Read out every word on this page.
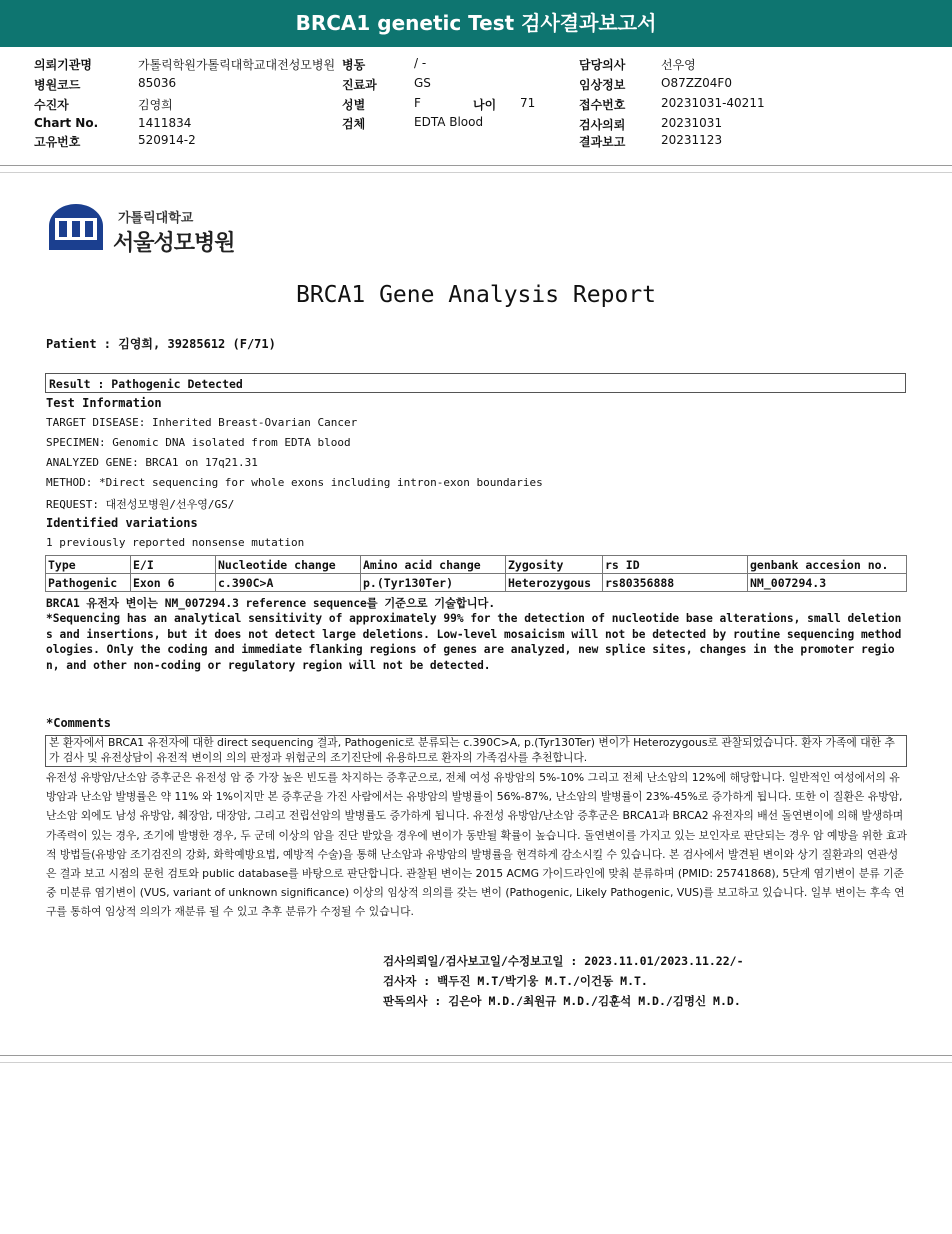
BRCA1 genetic Test 검사결과보고서
의뢰기관명	가톨릭학원가톨릭대학교대전성모병원 병동	/ -	담당의사	선우영
병원코드	85036	진료과	GS	임상정보	O87ZZ04F0
수진자	김영희	성별	F	나이 71	접수번호	20231031-40211
Chart No.	1411834	검체	EDTA Blood	검사의뢰	20231031
고유번호	520914-2	결과보고	20231123
가톨릭대학교
서울성모병원
BRCA1 Gene Analysis Report
Patient : 김영희, 39285612 (F/71)
Result : Pathogenic Detected
Test Information
TARGET DISEASE: Inherited Breast-Ovarian Cancer
SPECIMEN: Genomic DNA isolated from EDTA blood
ANALYZED GENE: BRCA1 on 17q21.31
METHOD: *Direct sequencing for whole exons including intron-exon boundaries
REQUEST: 대전성모병원/선우영/GS/
Identified variations
1 previously reported nonsense mutation
Type	E/I	Nucleotide change	Amino acid change	Zygosity	rs ID	genbank accesion no.
Pathogenic	Exon 6	c.390C>A	p.(Tyr130Ter)	Heterozygous	rs80356888	NM_007294.3
BRCA1 유전자 변이는 NM_007294.3 reference sequence를 기준으로 기술합니다.
*Sequencing has an analytical sensitivity of approximately 99% for the detection of nucleotide base alterations, small deletions and insertions, but it does not detect large deletions. Low-level mosaicism will not be detected by routine sequencing methodologies. Only the coding and immediate flanking regions of genes are analyzed, new splice sites, changes in the promoter region, and other non-coding or regulatory region will not be detected.
*Comments
본 환자에서 BRCA1 유전자에 대한 direct sequencing 결과, Pathogenic로 분류되는 c.390C>A, p.(Tyr130Ter) 변이가 Heterozygous로 관찰되었습니다. 환자 가족에 대한 추가 검사 및 유전상담이 유전적 변이의 의의 판정과 위험군의 조기진단에 유용하므로 환자의 가족검사를 추천합니다.
유전성 유방암/난소암 증후군은 유전성 암 중 가장 높은 빈도를 차지하는 증후군으로, 전체 여성 유방암의 5%-10% 그리고 전체 난소암의 12%에 해당합니다. 일반적인 여성에서의 유방암과 난소암 발병률은 약 11% 와 1%이지만 본 증후군을 가진 사람에서는 유방암의 발병률이 56%-87%, 난소암의 발병률이 23%-45%로 증가하게 됩니다. 또한 이 질환은 유방암, 난소암 외에도 남성 유방암, 췌장암, 대장암, 그리고 전립선암의 발병률도 증가하게 됩니다. 유전성 유방암/난소암 증후군은 BRCA1과 BRCA2 유전자의 배선 돌연변이에 의해 발생하며 가족력이 있는 경우, 조기에 발병한 경우, 두 군데 이상의 암을 진단 받았을 경우에 변이가 동반될 확률이 높습니다. 돌연변이를 가지고 있는 보인자로 판단되는 경우 암 예방을 위한 효과적 방법들(유방암 조기검진의 강화, 화학예방요법, 예방적 수술)을 통해 난소암과 유방암의 발병률을 현격하게 감소시킬 수 있습니다. 본 검사에서 발견된 변이와 상기 질환과의 연관성은 결과 보고 시점의 문헌 검토와 public database를 바탕으로 판단합니다. 관찰된 변이는 2015 ACMG 가이드라인에 맞춰 분류하며 (PMID: 25741868), 5단계 염기변이 분류 기준 중 미분류 염기변이 (VUS, variant of unknown significance) 이상의 임상적 의의를 갖는 변이 (Pathogenic, Likely Pathogenic, VUS)를 보고하고 있습니다. 일부 변이는 후속 연구를 통하여 임상적 의의가 재분류 될 수 있고 추후 분류가 수정될 수 있습니다.
검사의뢰일/검사보고일/수정보고일 : 2023.11.01/2023.11.22/-
검사자 : 백두진 M.T/박기웅 M.T./이건동 M.T.
판독의사 : 김은아 M.D./최원규 M.D./김훈석 M.D./김명신 M.D.
